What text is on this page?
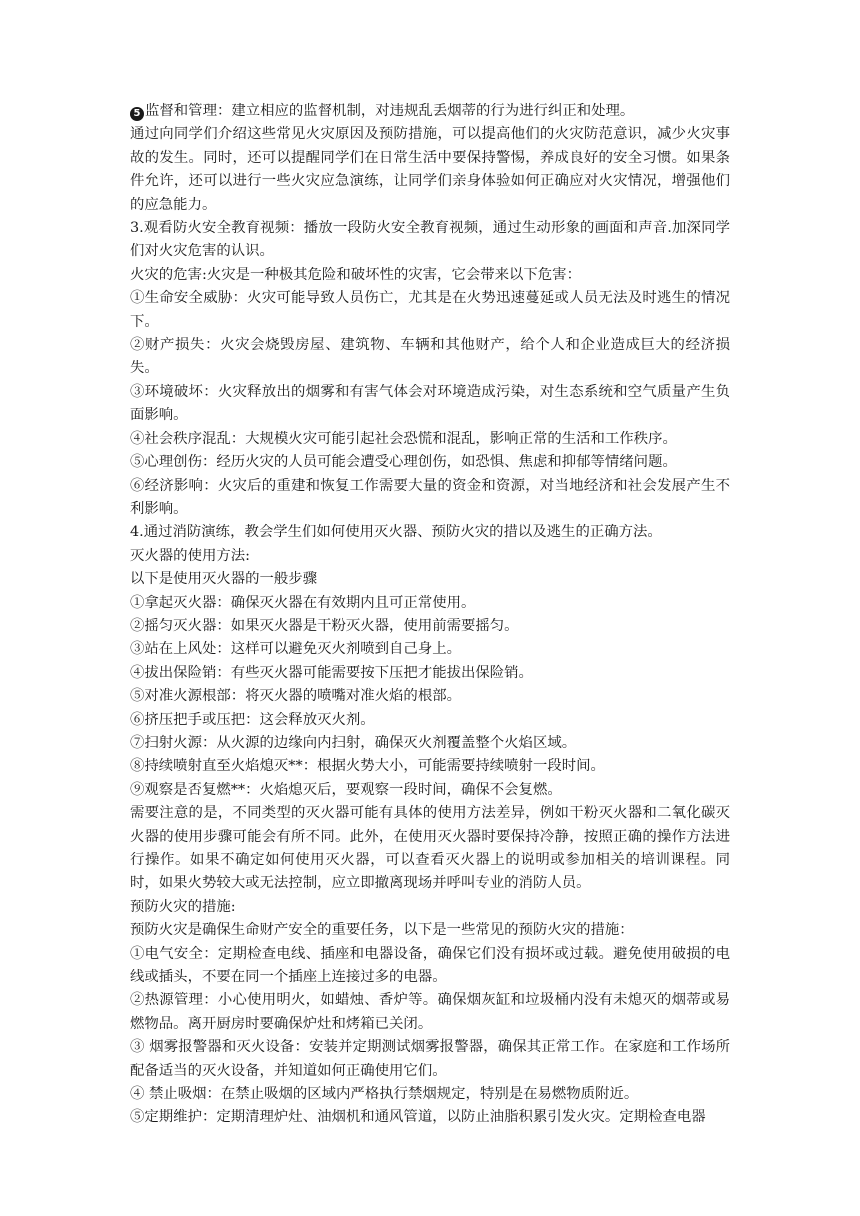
5 监督和管理：建立相应的监督机制，对违规乱丢烟蒂的行为进行纠正和处理。

通过向同学们介绍这些常见火灾原因及预防措施，可以提高他们的火灾防范意识，减少火灾事故的发生。同时，还可以提醒同学们在日常生活中要保持警惕，养成良好的安全习惯。如果条件允许，还可以进行一些火灾应急演练，让同学们亲身体验如何正确应对火灾情况，增强他们的应急能力。

3.观看防火安全教育视频：播放一段防火安全教育视频，通过生动形象的画面和声音.加深同学们对火灾危害的认识。

火灾的危害:火灾是一种极其危险和破坏性的灾害，它会带来以下危害：

①生命安全威胁：火灾可能导致人员伤亡，尤其是在火势迅速蔓延或人员无法及时逃生的情况下。

②财产损失：火灾会烧毁房屋、建筑物、车辆和其他财产，给个人和企业造成巨大的经济损失。

③环境破坏：火灾释放出的烟雾和有害气体会对环境造成污染，对生态系统和空气质量产生负面影响。

④社会秩序混乱：大规模火灾可能引起社会恐慌和混乱，影响正常的生活和工作秩序。

⑤心理创伤：经历火灾的人员可能会遭受心理创伤，如恐惧、焦虑和抑郁等情绪问题。

⑥经济影响：火灾后的重建和恢复工作需要大量的资金和资源，对当地经济和社会发展产生不利影响。

4.通过消防演练，教会学生们如何使用灭火器、预防火灾的措以及逃生的正确方法。

灭火器的使用方法:

以下是使用灭火器的一般步骤

①拿起灭火器：确保灭火器在有效期内且可正常使用。

②摇匀灭火器：如果灭火器是干粉灭火器，使用前需要摇匀。

③站在上风处：这样可以避免灭火剂喷到自己身上。

④拔出保险销：有些灭火器可能需要按下压把才能拔出保险销。

⑤对准火源根部：将灭火器的喷嘴对准火焰的根部。

⑥挤压把手或压把：这会释放灭火剂。

⑦扫射火源：从火源的边缘向内扫射，确保灭火剂覆盖整个火焰区域。

⑧持续喷射直至火焰熄灭**：根据火势大小，可能需要持续喷射一段时间。

⑨观察是否复燃**：火焰熄灭后，要观察一段时间，确保不会复燃。

需要注意的是，不同类型的灭火器可能有具体的使用方法差异，例如干粉灭火器和二氧化碳灭火器的使用步骤可能会有所不同。此外，在使用灭火器时要保持冷静，按照正确的操作方法进行操作。如果不确定如何使用灭火器，可以查看灭火器上的说明或参加相关的培训课程。同时，如果火势较大或无法控制，应立即撤离现场并呼叫专业的消防人员。

预防火灾的措施:

预防火灾是确保生命财产安全的重要任务，以下是一些常见的预防火灾的措施：

①电气安全：定期检查电线、插座和电器设备，确保它们没有损坏或过载。避免使用破损的电线或插头，不要在同一个插座上连接过多的电器。

②热源管理：小心使用明火，如蜡烛、香炉等。确保烟灰缸和垃圾桶内没有未熄灭的烟蒂或易燃物品。离开厨房时要确保炉灶和烤箱已关闭。

③ 烟雾报警器和灭火设备：安装并定期测试烟雾报警器，确保其正常工作。在家庭和工作场所配备适当的灭火设备，并知道如何正确使用它们。

④ 禁止吸烟：在禁止吸烟的区域内严格执行禁烟规定，特别是在易燃物质附近。

⑤定期维护：定期清理炉灶、油烟机和通风管道，以防止油脂积累引发火灾。定期检查电器
